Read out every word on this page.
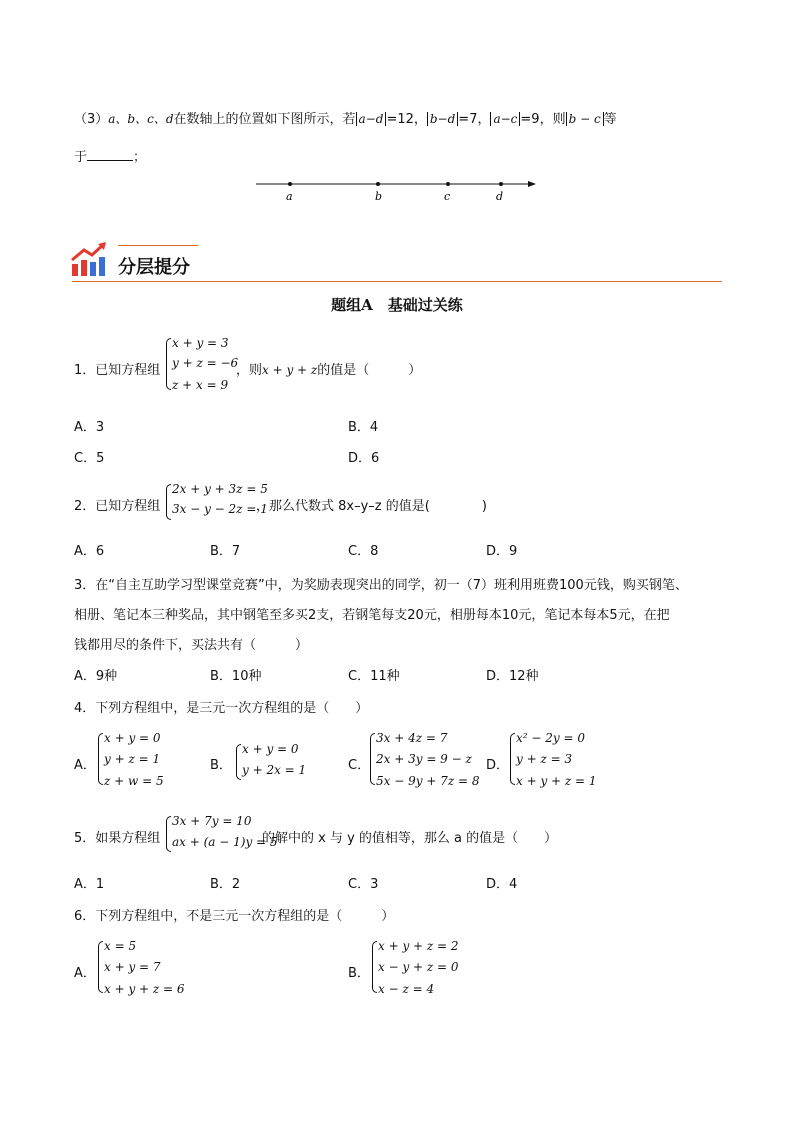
（3）a、b、c、d在数轴上的位置如下图所示，若 a−d =12， b−d =7， a−c =9，则 b − c 等
于	；
a	b	c	d
分层提分
题组A　基础过关练
1．已知方程组
x + y = 3
y + z = −6
z + x = 9
，则x + y + z的值是（　　　）
A．3	B．4
C．5	D．6
2．已知方程组
2x + y + 3z = 5
3x − y − 2z = 1
，那么代数式 8x–y–z 的值是(　　　　)
A．6	B．7	C．8	D．9
3．在“自主互助学习型课堂竞赛”中，为奖励表现突出的同学，初一（7）班利用班费100元钱，购买钢笔、
相册、笔记本三种奖品，其中钢笔至多买2支，若钢笔每支20元，相册每本10元，笔记本每本5元，在把
钱都用尽的条件下，买法共有（　　　）
A．9种	B．10种	C．11种	D．12种
4．下列方程组中，是三元一次方程组的是（　　）
A．
x + y = 0
y + z = 1
z + w = 5
B．
x + y = 0
y + 2x = 1	C．
3x + 4z = 7
2x + 3y = 9 − z
5x − 9y + 7z = 8
D．
x² − 2y = 0
y + z = 3
x + y + z = 1
5．如果方程组
3x + 7y = 10
ax + (a − 1)y = 5
的解中的 x 与 y 的值相等，那么 a 的值是（　　）
A．1	B．2	C．3	D．4
6．下列方程组中，不是三元一次方程组的是（　　　）
A．
x = 5
x + y = 7
x + y + z = 6
B．
x + y + z = 2
x − y + z = 0
x − z = 4
